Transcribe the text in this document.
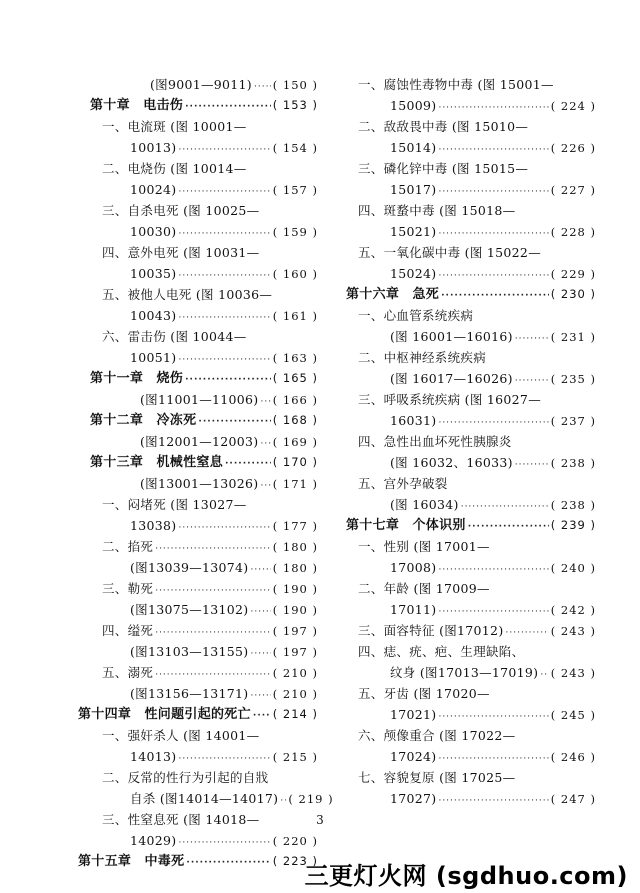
(图9001—9011) ····· ( 150 )
第十章　电击伤 ·····	( 153 )
一、电流斑 (图 10001—
10013) ·····	( 154 )
二、电烧伤 (图 10014—
10024) ·····	( 157 )
三、自杀电死 (图 10025—
10030) ·····	( 159 )
四、意外电死 (图 10031—
10035) ·····	( 160 )
五、被他人电死 (图 10036—
10043) ·····	( 161 )
六、雷击伤 (图 10044—
10051) ·····	( 163 )
第十一章　烧伤 ·····	( 165 )
(图11001—11006) ····· ( 166 )
第十二章　冷冻死 ·····	( 168 )
(图12001—12003) ····· ( 169 )
第十三章　机械性窒息 ·····	( 170 )
(图13001—13026) ····· ( 171 )
一、闷堵死 (图 13027—
13038) ·····	( 177 )
二、掐死 ·····	( 180 )
(图13039—13074) ····· ( 180 )
三、勒死 ·····	( 190 )
(图13075—13102) ····· ( 190 )
四、缢死 ·····	( 197 )
(图13103—13155) ····· ( 197 )
五、溺死 ·····	( 210 )
(图13156—13171) ····· ( 210 )
第十四章　性问题引起的死亡 ····· ( 214 )
一、强奸杀人 (图 14001—
14013) ·····	( 215 )
二、反常的性行为引起的自戕
自杀 (图14014—14017) ····· ( 219 )
三、性窒息死 (图 14018—
14029) ·····	( 220 )
第十五章　中毒死 ·····	( 223 )
一、腐蚀性毒物中毒 (图 15001—
15009) ·····	( 224 )
二、敌敌畏中毒 (图 15010—
15014) ·····	( 226 )
三、磷化锌中毒 (图 15015—
15017) ·····	( 227 )
四、斑蝥中毒 (图 15018—
15021) ·····	( 228 )
五、一氧化碳中毒 (图 15022—
15024) ·····	( 229 )
第十六章　急死 ·····	( 230 )
一、心血管系统疾病
(图 16001—16016) ·····	( 231 )
二、中枢神经系统疾病
(图 16017—16026) ·····	( 235 )
三、呼吸系统疾病 (图 16027—
16031) ·····	( 237 )
四、急性出血坏死性胰腺炎
(图 16032、16033) ·····	( 238 )
五、宫外孕破裂
(图 16034) ·····	( 238 )
第十七章　个体识别 ·····	( 239 )
一、性别 (图 17001—
17008) ·····	( 240 )
二、年龄 (图 17009—
17011) ·····	( 242 )
三、面容特征 (图17012) ·····	( 243 )
四、痣、疣、疤、生理缺陷、
纹身 (图17013—17019) ····· ( 243 )
五、牙齿 (图 17020—
17021) ·····	( 245 )
六、颅像重合 (图 17022—
17024) ·····	( 246 )
七、容貌复原 (图 17025—
17027) ·····	( 247 )
3
三更灯火网 (sgdhuo.com)
